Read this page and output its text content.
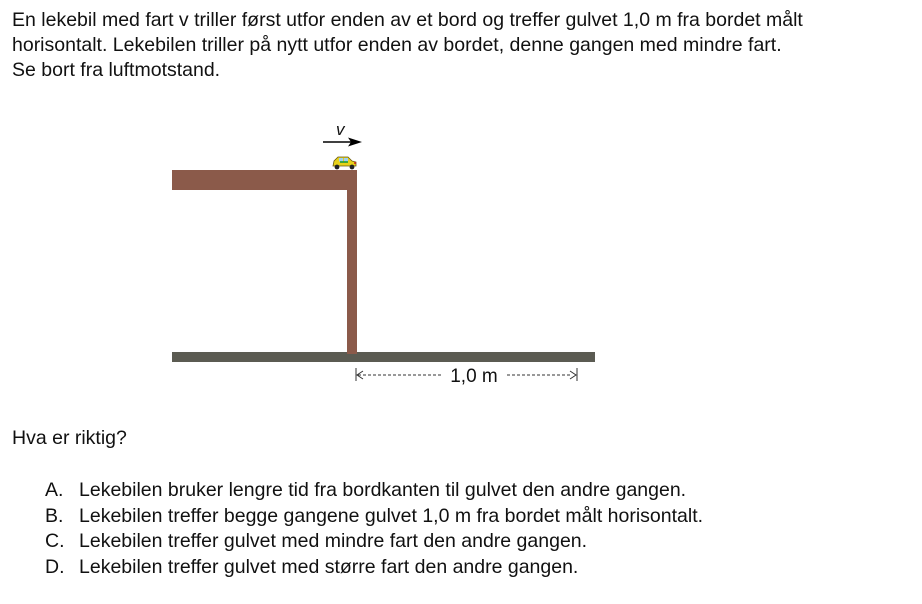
En lekebil med fart v triller først utfor enden av et bord og treffer gulvet 1,0 m fra bordet målt

horisontalt. Lekebilen triller på nytt utfor enden av bordet, denne gangen med mindre fart.

Se bort fra luftmotstand.

v
1,0 m
Hva er riktig?
A. Lekebilen bruker lengre tid fra bordkanten til gulvet den andre gangen.
B. Lekebilen treffer begge gangene gulvet 1,0 m fra bordet målt horisontalt.
C. Lekebilen treffer gulvet med mindre fart den andre gangen.
D. Lekebilen treffer gulvet med større fart den andre gangen.
